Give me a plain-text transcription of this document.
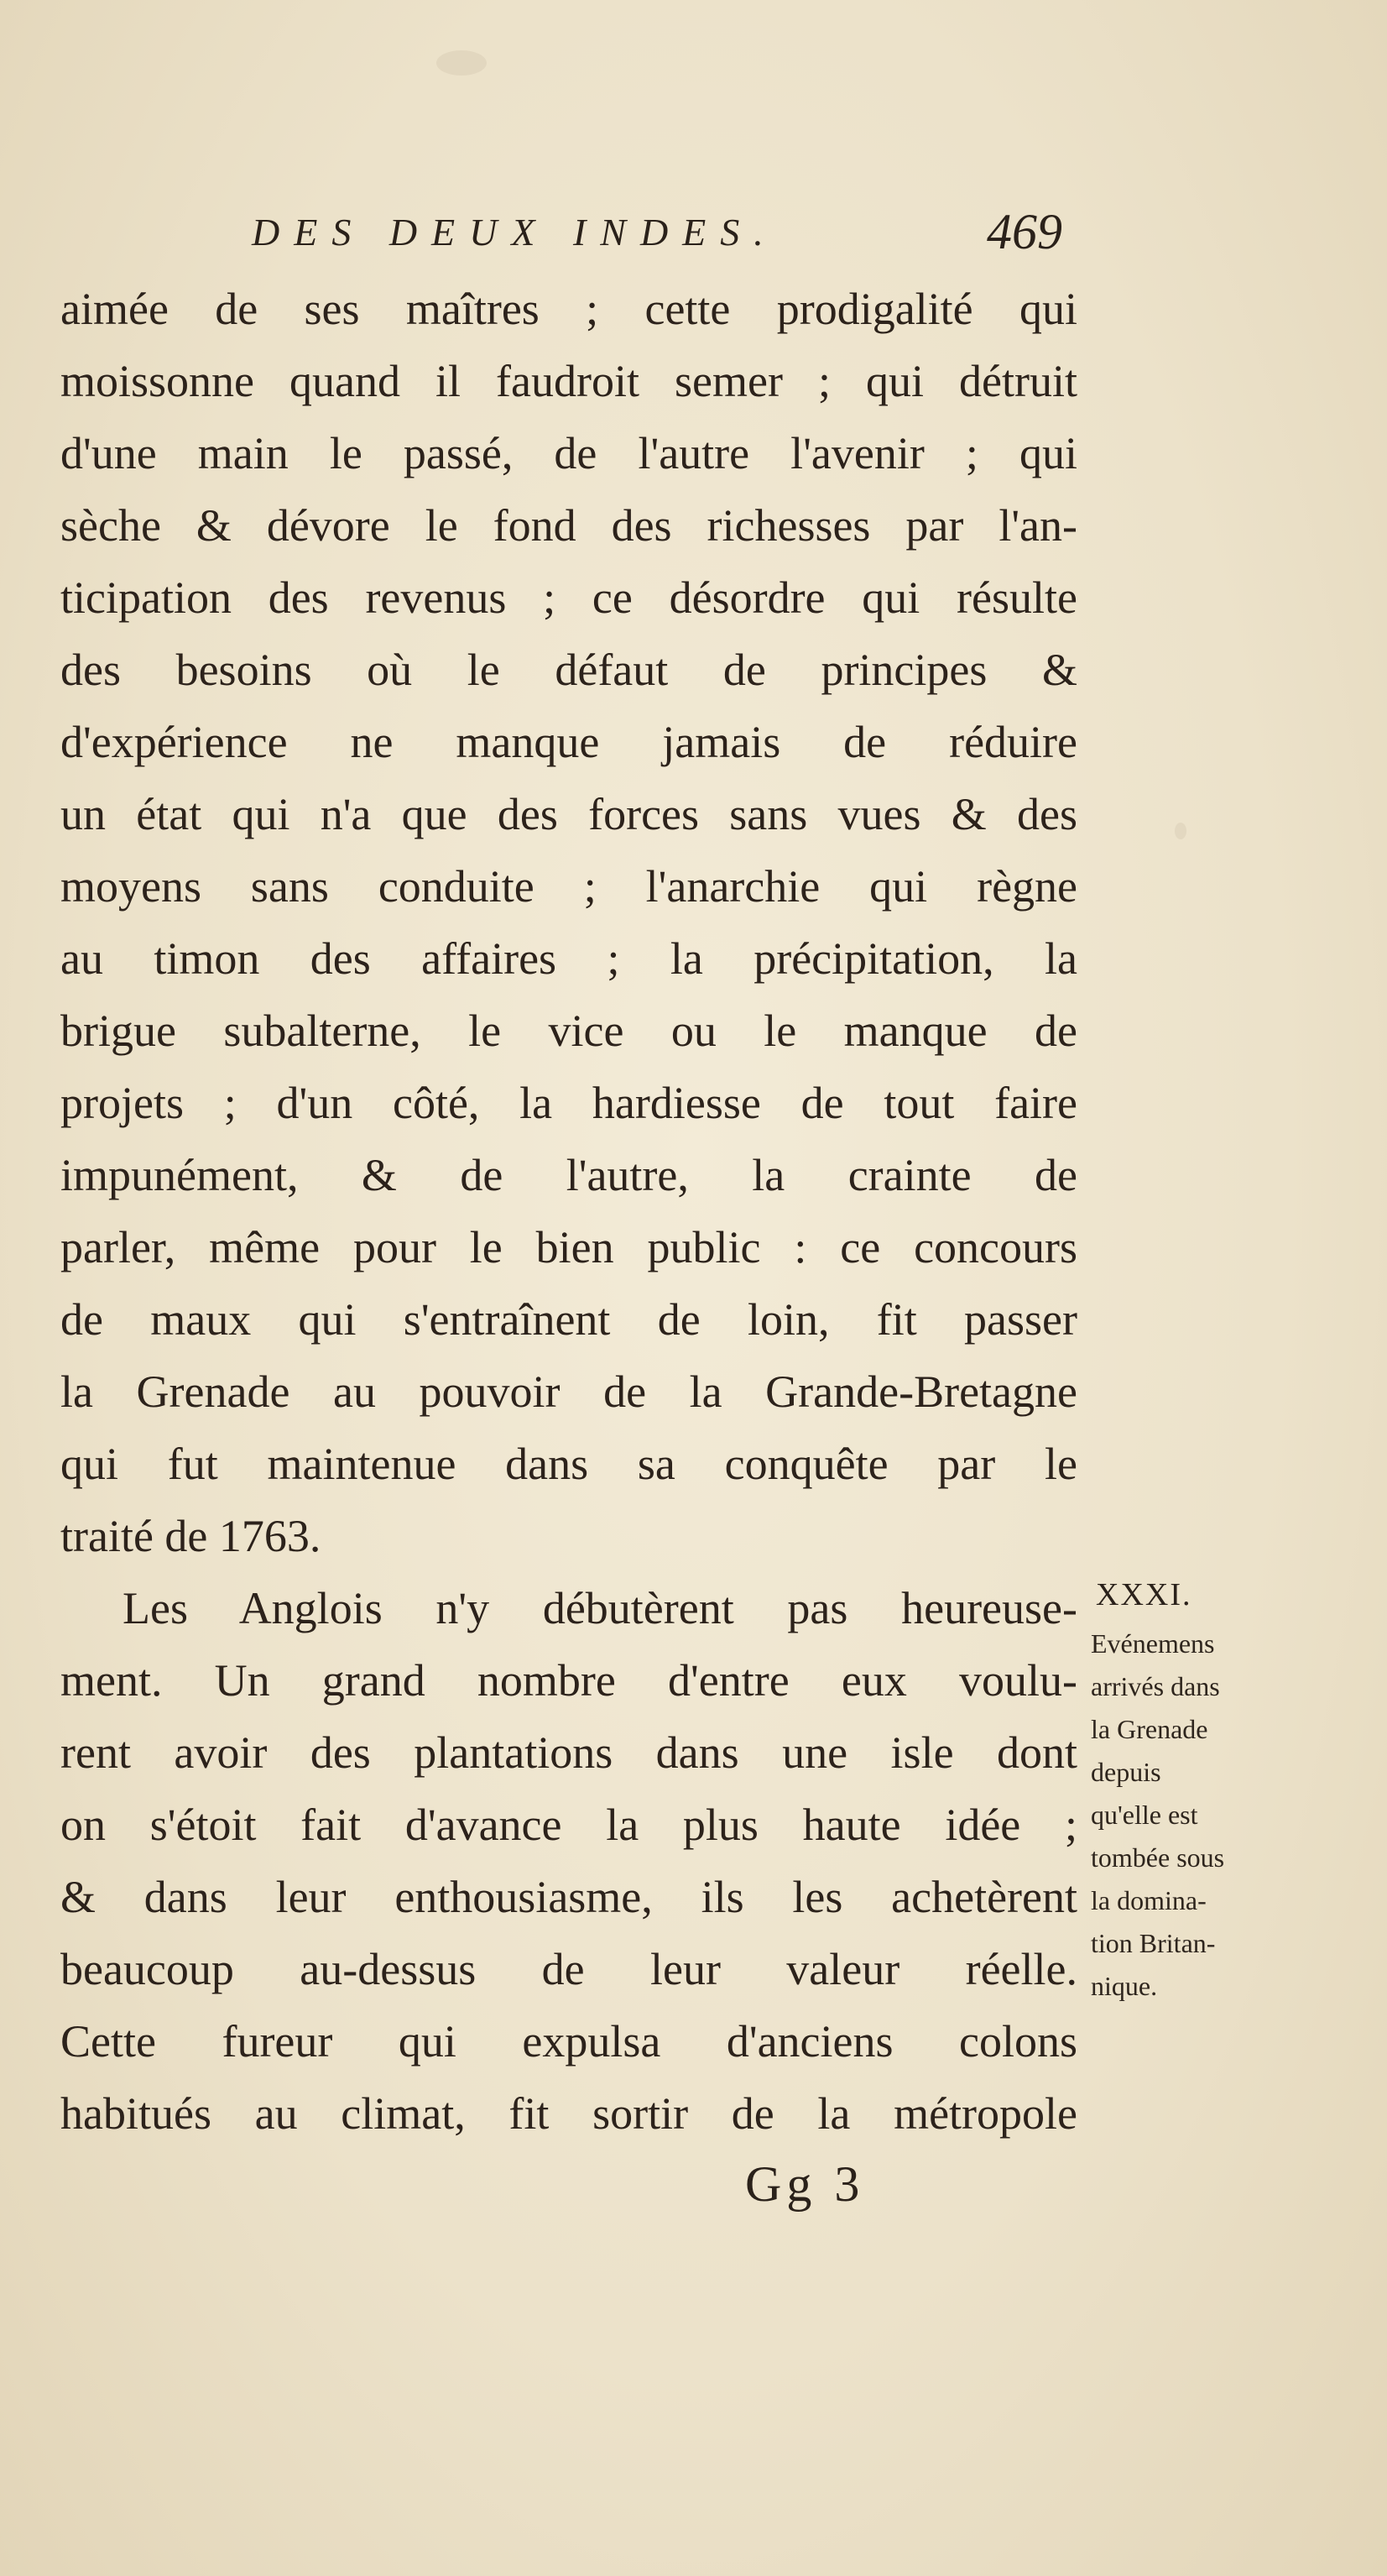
DES DEUX INDES.	469
aimée de ses maîtres ; cette prodigalité qui
moissonne quand il faudroit semer ; qui détruit
d'une main le passé, de l'autre l'avenir ; qui
sèche & dévore le fond des richesses par l'an-
ticipation des revenus ; ce désordre qui résulte
des besoins où le défaut de principes &
d'expérience ne manque jamais de réduire
un état qui n'a que des forces sans vues & des
moyens sans conduite ; l'anarchie qui règne
au timon des affaires ; la précipitation, la
brigue subalterne, le vice ou le manque de
projets ; d'un côté, la hardiesse de tout faire
impunément, & de l'autre, la crainte de
parler, même pour le bien public : ce concours
de maux qui s'entraînent de loin, fit passer
la Grenade au pouvoir de la Grande-Bretagne
qui fut maintenue dans sa conquête par le
traité de 1763.
Les Anglois n'y débutèrent pas heureuse-
ment. Un grand nombre d'entre eux voulu-
rent avoir des plantations dans une isle dont
on s'étoit fait d'avance la plus haute idée ;
& dans leur enthousiasme, ils les achetèrent
beaucoup au-dessus de leur valeur réelle.
Cette fureur qui expulsa d'anciens colons
habitués au climat, fit sortir de la métropole
XXXI.
Evénemens
arrivés dans
la Grenade
depuis
qu'elle est
tombée sous
la domina-
tion Britan-
nique.
Gg 3
